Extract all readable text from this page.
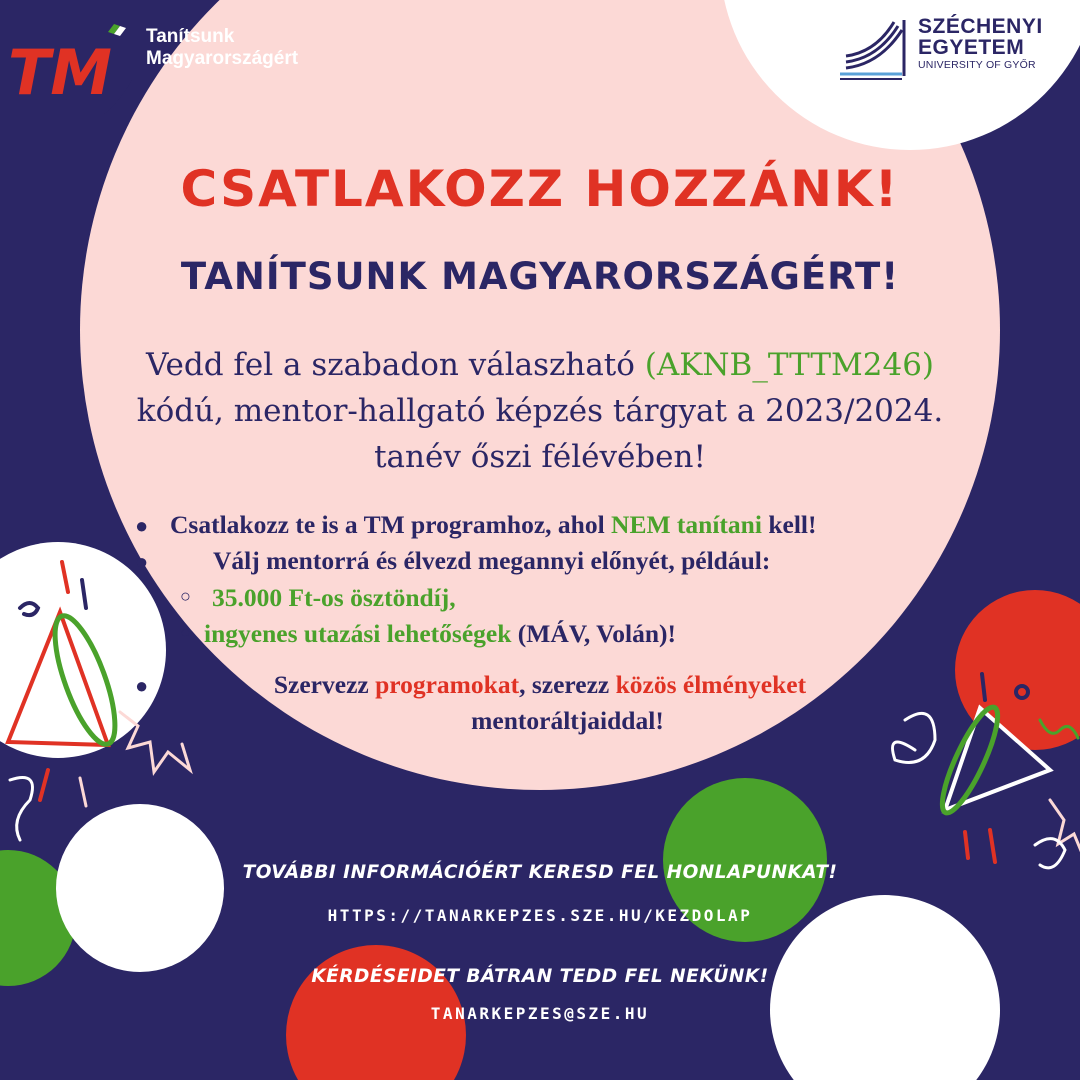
TM Tanítsunk
Magyarországért
SZÉCHENYI
EGYETEM
UNIVERSITY OF GYŐR
CSATLAKOZZ HOZZÁNK!
TANÍTSUNK MAGYARORSZÁGÉRT!
Vedd fel a szabadon válaszható (AKNB_TTTM246)
kódú, mentor-hallgató képzés tárgyat a 2023/2024.
tanév őszi félévében!
● Csatlakozz te is a TM programhoz, ahol NEM tanítani kell!
●	Válj mentorrá és élvezd megannyi előnyét, például:
○ 35.000 Ft-os ösztöndíj,
○ ingyenes utazási lehetőségek (MÁV, Volán)!
●	Szervezz programokat, szerezz közös élményeket
mentoráltjaiddal!
TOVÁBBI INFORMÁCIÓÉRT KERESD FEL HONLAPUNKAT!
HTTPS://TANARKEPZES.SZE.HU/KEZDOLAP
KÉRDÉSEIDET BÁTRAN TEDD FEL NEKÜNK!
TANARKEPZES@SZE.HU
